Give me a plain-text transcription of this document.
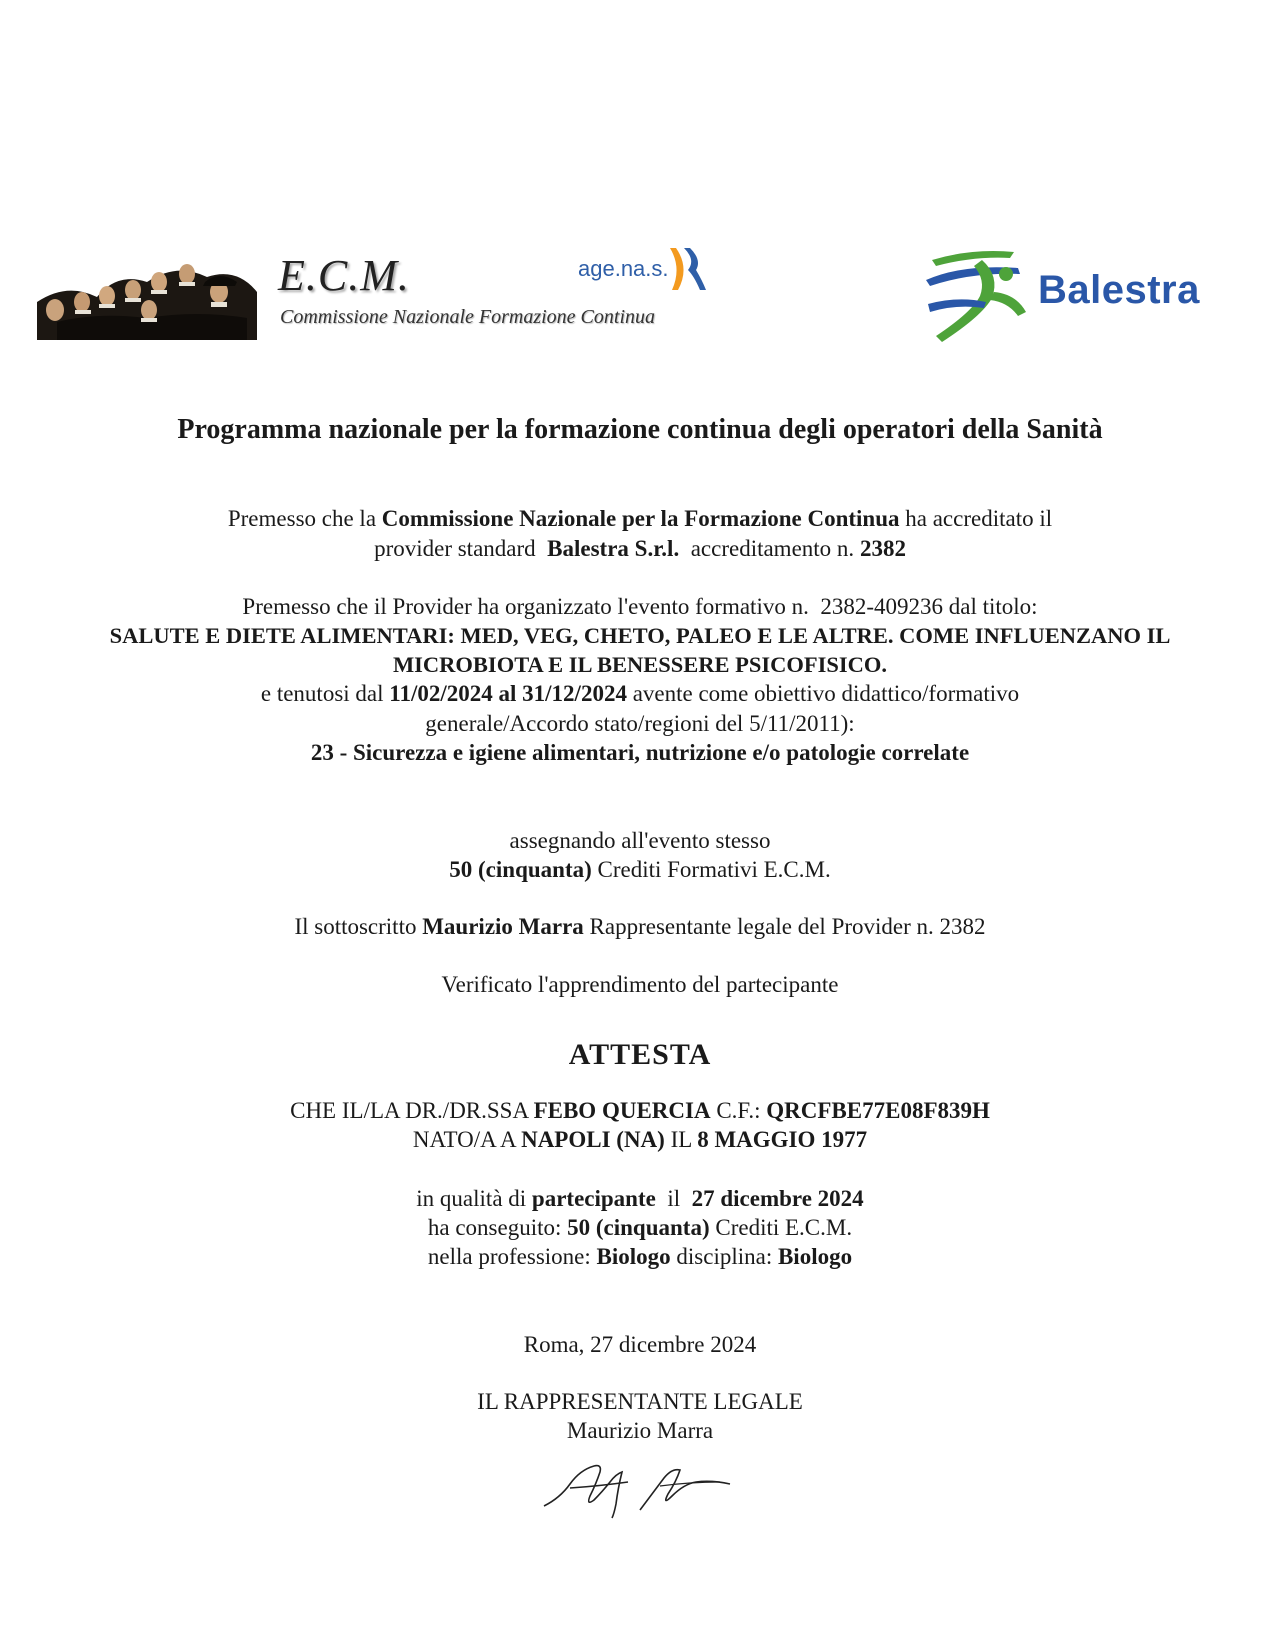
E.C.M.
Commissione Nazionale Formazione Continua
age.na.s.	Balestra
Programma nazionale per la formazione continua degli operatori della Sanità
Premesso che la Commissione Nazionale per la Formazione Continua ha accreditato il
provider standard Balestra S.r.l. accreditamento n. 2382
Premesso che il Provider ha organizzato l'evento formativo n. 2382-409236 dal titolo:
SALUTE E DIETE ALIMENTARI: MED, VEG, CHETO, PALEO E LE ALTRE. COME INFLUENZANO IL
MICROBIOTA E IL BENESSERE PSICOFISICO.
e tenutosi dal 11/02/2024 al 31/12/2024 avente come obiettivo didattico/formativo
generale/Accordo stato/regioni del 5/11/2011):
23 - Sicurezza e igiene alimentari, nutrizione e/o patologie correlate
assegnando all'evento stesso
50 (cinquanta) Crediti Formativi E.C.M.
Il sottoscritto Maurizio Marra Rappresentante legale del Provider n. 2382
Verificato l'apprendimento del partecipante
ATTESTA
CHE IL/LA DR./DR.SSA FEBO QUERCIA C.F.: QRCFBE77E08F839H
NATO/A A NAPOLI (NA) IL 8 MAGGIO 1977
in qualità di partecipante il 27 dicembre 2024
ha conseguito: 50 (cinquanta) Crediti E.C.M.
nella professione: Biologo disciplina: Biologo
Roma, 27 dicembre 2024
IL RAPPRESENTANTE LEGALE
Maurizio Marra
